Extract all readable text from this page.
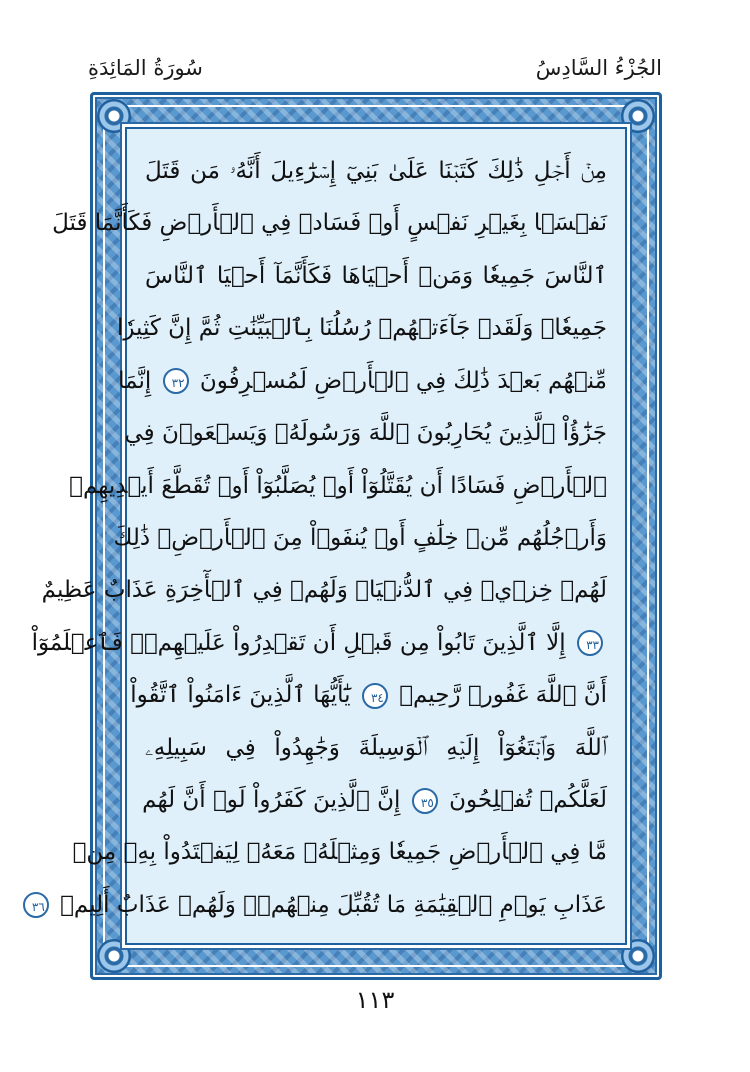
الجُزْءُ السَّادِسُ
سُورَةُ المَائِدَةِ
مِنۡ أَجۡلِ ذَٰلِكَ كَتَبۡنَا عَلَىٰ بَنِيٓ إِسۡرَٰٓءِيلَ أَنَّهُۥ مَن قَتَلَ
نَفۡسَۢا بِغَيۡرِ نَفۡسٍ أَوۡ فَسَادٖ فِي ٱلۡأَرۡضِ فَكَأَنَّمَا قَتَلَ
ٱلنَّاسَ جَمِيعٗا وَمَنۡ أَحۡيَاهَا فَكَأَنَّمَآ أَحۡيَا ٱلنَّاسَ
جَمِيعٗاۚ وَلَقَدۡ جَآءَتۡهُمۡ رُسُلُنَا بِٱلۡبَيِّنَٰتِ ثُمَّ إِنَّ كَثِيرٗا
مِّنۡهُم بَعۡدَ ذَٰلِكَ فِي ٱلۡأَرۡضِ لَمُسۡرِفُونَ ٣٢ إِنَّمَا
جَزَٰٓؤُاْ ٱلَّذِينَ يُحَارِبُونَ ٱللَّهَ وَرَسُولَهُۥ وَيَسۡعَوۡنَ فِي
ٱلۡأَرۡضِ فَسَادًا أَن يُقَتَّلُوٓاْ أَوۡ يُصَلَّبُوٓاْ أَوۡ تُقَطَّعَ أَيۡدِيهِمۡ
وَأَرۡجُلُهُم مِّنۡ خِلَٰفٍ أَوۡ يُنفَوۡاْ مِنَ ٱلۡأَرۡضِۚ ذَٰلِكَ
لَهُمۡ خِزۡيٞ فِي ٱلدُّنۡيَاۖ وَلَهُمۡ فِي ٱلۡأٓخِرَةِ عَذَابٌ عَظِيمٌ
٣٣ إِلَّا ٱلَّذِينَ تَابُواْ مِن قَبۡلِ أَن تَقۡدِرُواْ عَلَيۡهِمۡۖ فَٱعۡلَمُوٓاْ
أَنَّ ٱللَّهَ غَفُورٞ رَّحِيمٞ ٣٤ يَٰٓأَيُّهَا ٱلَّذِينَ ءَامَنُواْ ٱتَّقُواْ
ٱللَّهَ وَٱبۡتَغُوٓاْ إِلَيۡهِ ٱلۡوَسِيلَةَ وَجَٰهِدُواْ فِي سَبِيلِهِۦ
لَعَلَّكُمۡ تُفۡلِحُونَ ٣٥ إِنَّ ٱلَّذِينَ كَفَرُواْ لَوۡ أَنَّ لَهُم
مَّا فِي ٱلۡأَرۡضِ جَمِيعٗا وَمِثۡلَهُۥ مَعَهُۥ لِيَفۡتَدُواْ بِهِۦ مِنۡ
عَذَابِ يَوۡمِ ٱلۡقِيَٰمَةِ مَا تُقُبِّلَ مِنۡهُمۡۖ وَلَهُمۡ عَذَابٌ أَلِيمٞ ٣٦
١١٣
